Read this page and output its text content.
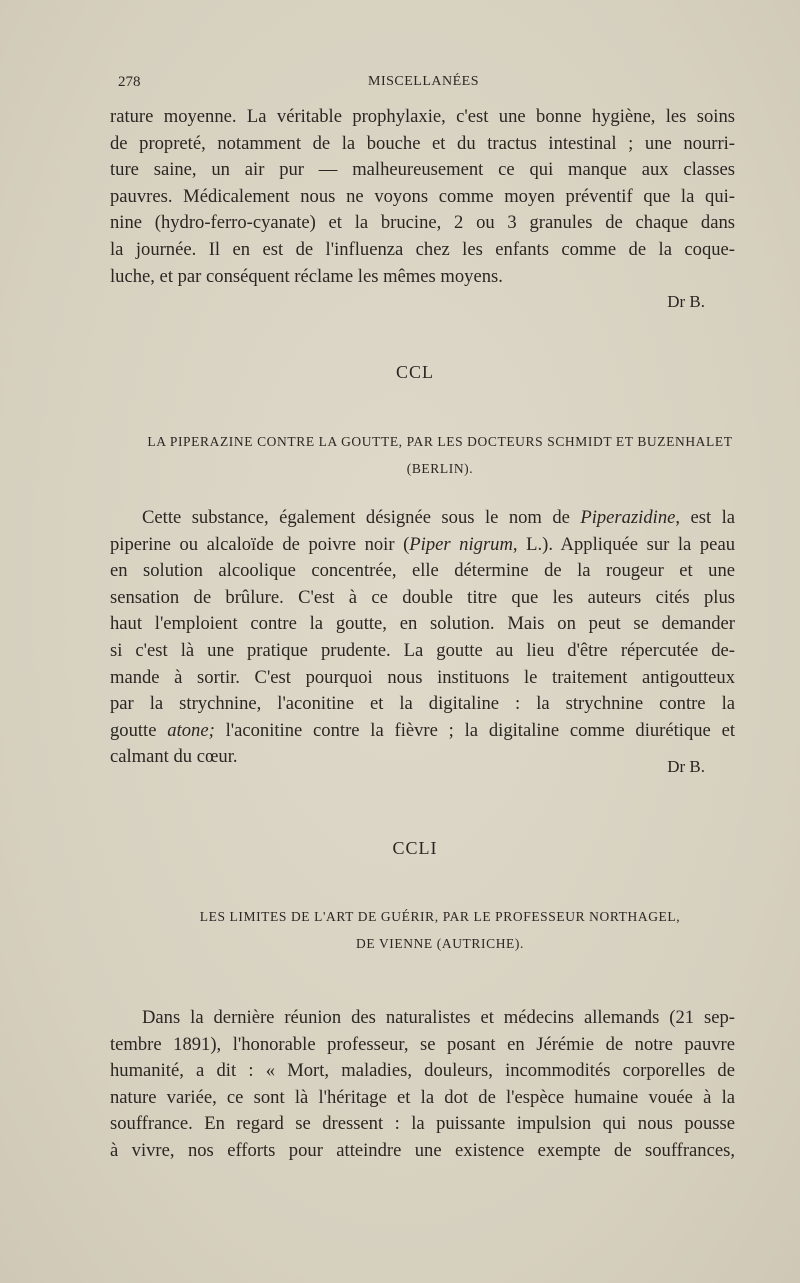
278	MISCELLANÉES

rature moyenne. La véritable prophylaxie, c'est une bonne hygiène, les soins
de propreté, notamment de la bouche et du tractus intestinal ; une nourri-
ture saine, un air pur — malheureusement ce qui manque aux classes
pauvres. Médicalement nous ne voyons comme moyen préventif que la qui-
nine (hydro-ferro-cyanate) et la brucine, 2 ou 3 granules de chaque dans
la journée. Il en est de l'influenza chez les enfants comme de la coque-
luche, et par conséquent réclame les mêmes moyens.

Dr B.
CCL
LA PIPERAZINE CONTRE LA GOUTTE, PAR LES DOCTEURS SCHMIDT ET BUZENHALET
(BERLIN).

Cette substance, également désignée sous le nom de Piperazidine, est la
piperine ou alcaloïde de poivre noir (Piper nigrum, L.). Appliquée sur la peau
en solution alcoolique concentrée, elle détermine de la rougeur et une
sensation de brûlure. C'est à ce double titre que les auteurs cités plus
haut l'emploient contre la goutte, en solution. Mais on peut se demander
si c'est là une pratique prudente. La goutte au lieu d'être répercutée de-
mande à sortir. C'est pourquoi nous instituons le traitement antigoutteux
par la strychnine, l'aconitine et la digitaline : la strychnine contre la
goutte atone; l'aconitine contre la fièvre ; la digitaline comme diurétique et
calmant du cœur.	Dr B.
CCLI
LES LIMITES DE L'ART DE GUÉRIR, PAR LE PROFESSEUR NORTHAGEL,
DE VIENNE (AUTRICHE).

Dans la dernière réunion des naturalistes et médecins allemands (21 sep-
tembre 1891), l'honorable professeur, se posant en Jérémie de notre pauvre
humanité, a dit : « Mort, maladies, douleurs, incommodités corporelles de
nature variée, ce sont là l'héritage et la dot de l'espèce humaine vouée à la
souffrance. En regard se dressent : la puissante impulsion qui nous pousse
à vivre, nos efforts pour atteindre une existence exempte de souffrances,
